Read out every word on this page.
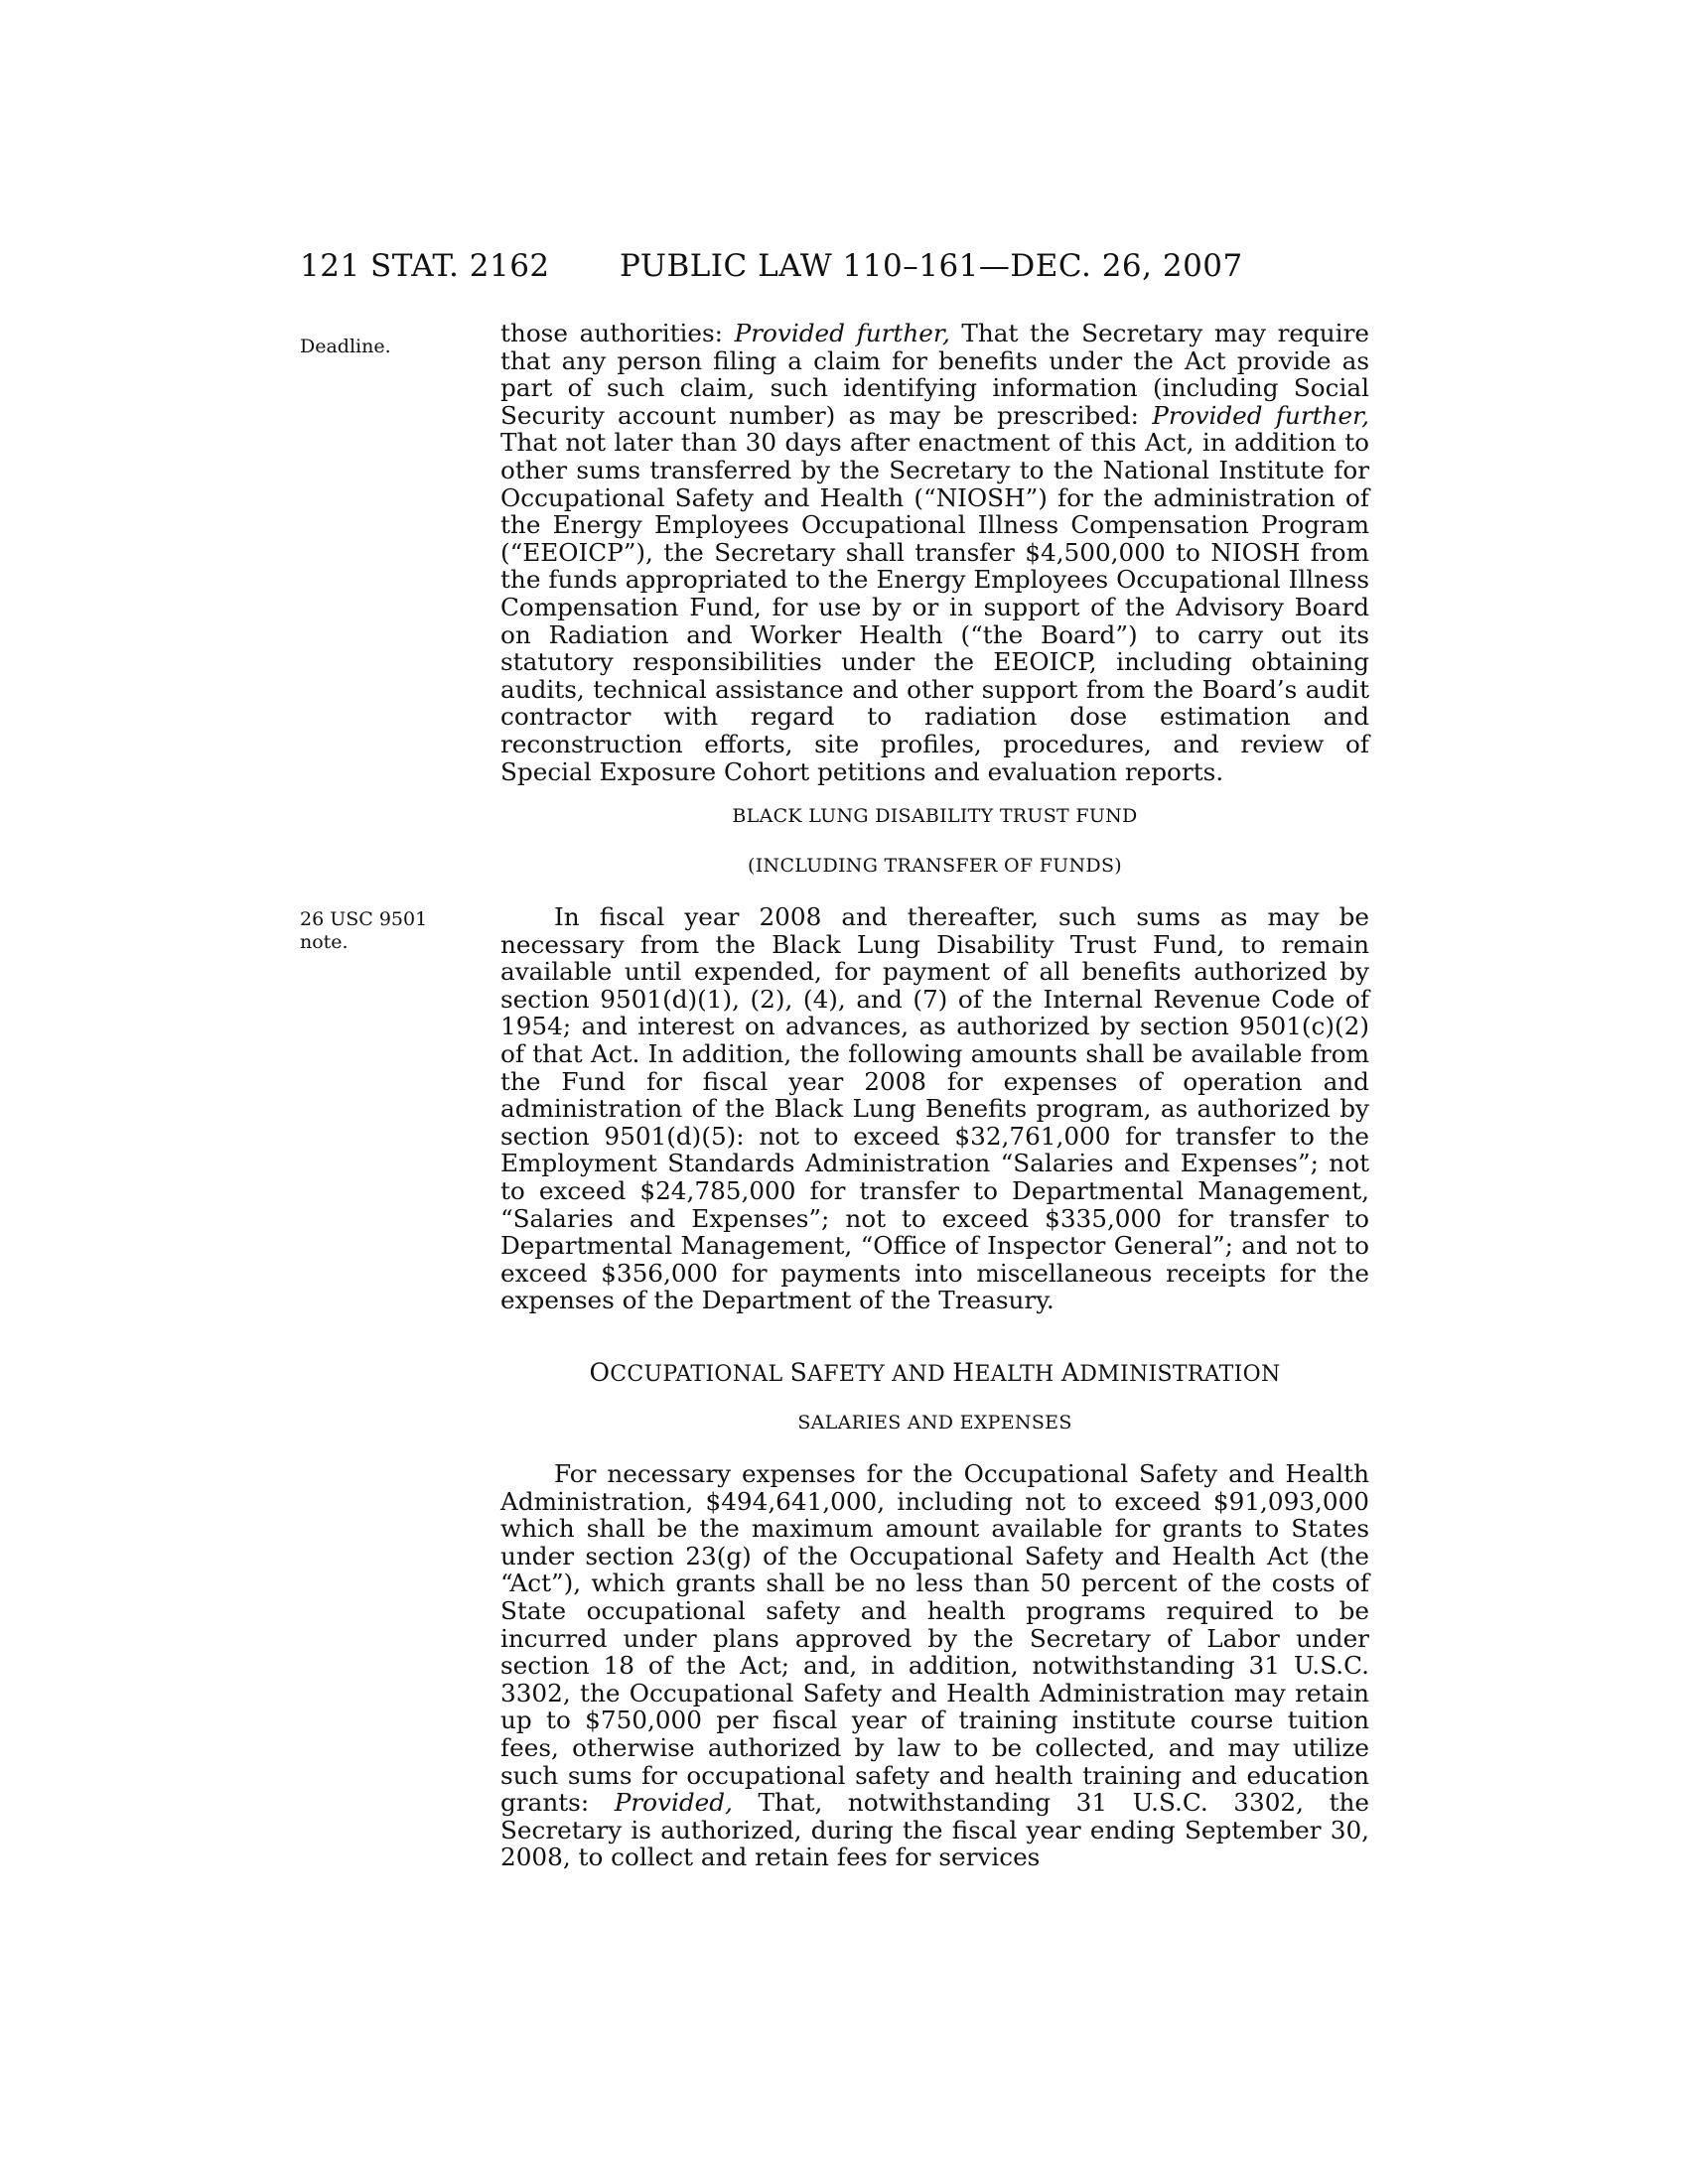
121 STAT. 2162 PUBLIC LAW 110–161—DEC. 26, 2007
Deadline.
26 USC 9501
note.

those authorities: Provided further, That the Secretary may require that any person filing a claim for benefits under the Act provide as part of such claim, such identifying information (including Social Security account number) as may be prescribed: Provided further, That not later than 30 days after enactment of this Act, in addition to other sums transferred by the Secretary to the National Institute for Occupational Safety and Health (“NIOSH”) for the administration of the Energy Employees Occupational Illness Compensation Program (“EEOICP”), the Secretary shall transfer $4,500,000 to NIOSH from the funds appropriated to the Energy Employees Occupational Illness Compensation Fund, for use by or in support of the Advisory Board on Radiation and Worker Health (“the Board”) to carry out its statutory responsibilities under the EEOICP, including obtaining audits, technical assistance and other support from the Board’s audit contractor with regard to radiation dose estimation and reconstruction efforts, site profiles, procedures, and review of Special Exposure Cohort petitions and evaluation reports.

BLACK LUNG DISABILITY TRUST FUND
(INCLUDING TRANSFER OF FUNDS)

In fiscal year 2008 and thereafter, such sums as may be necessary from the Black Lung Disability Trust Fund, to remain available until expended, for payment of all benefits authorized by section 9501(d)(1), (2), (4), and (7) of the Internal Revenue Code of 1954; and interest on advances, as authorized by section 9501(c)(2) of that Act. In addition, the following amounts shall be available from the Fund for fiscal year 2008 for expenses of operation and administration of the Black Lung Benefits program, as authorized by section 9501(d)(5): not to exceed $32,761,000 for transfer to the Employment Standards Administration “Salaries and Expenses”; not to exceed $24,785,000 for transfer to Departmental Management, “Salaries and Expenses”; not to exceed $335,000 for transfer to Departmental Management, “Office of Inspector General”; and not to exceed $356,000 for payments into miscellaneous receipts for the expenses of the Department of the Treasury.

OCCUPATIONAL SAFETY AND HEALTH ADMINISTRATION
SALARIES AND EXPENSES

For necessary expenses for the Occupational Safety and Health Administration, $494,641,000, including not to exceed $91,093,000 which shall be the maximum amount available for grants to States under section 23(g) of the Occupational Safety and Health Act (the “Act”), which grants shall be no less than 50 percent of the costs of State occupational safety and health programs required to be incurred under plans approved by the Secretary of Labor under section 18 of the Act; and, in addition, notwithstanding 31 U.S.C. 3302, the Occupational Safety and Health Administration may retain up to $750,000 per fiscal year of training institute course tuition fees, otherwise authorized by law to be collected, and may utilize such sums for occupational safety and health training and education grants: Provided, That, notwithstanding 31 U.S.C. 3302, the Secretary is authorized, during the fiscal year ending September 30, 2008, to collect and retain fees for services
